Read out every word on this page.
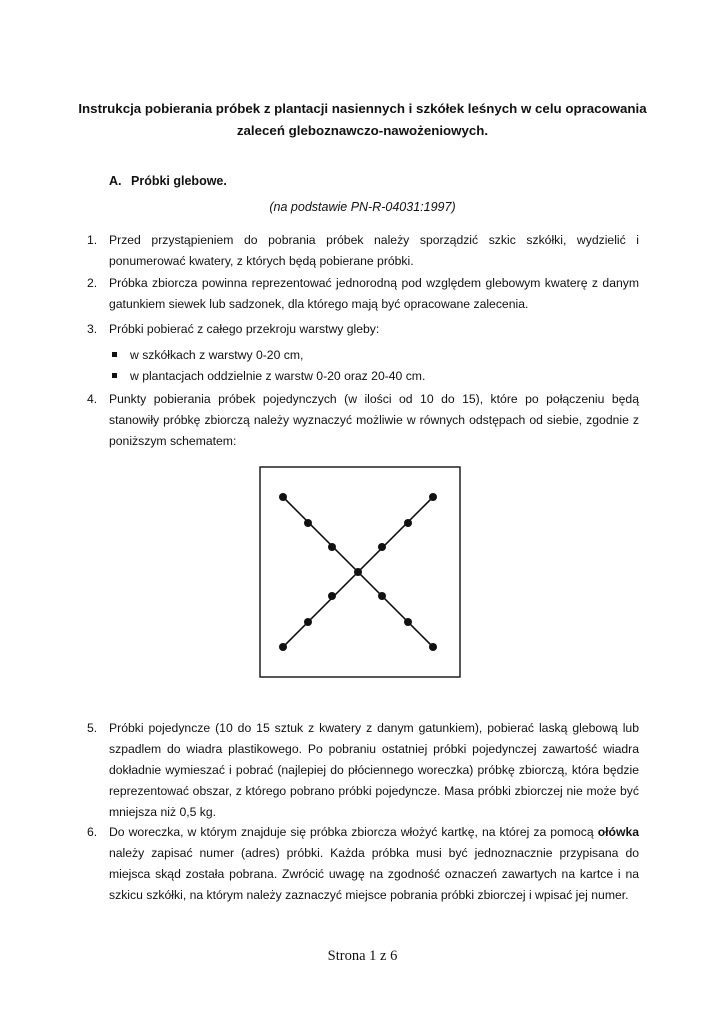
Instrukcja pobierania próbek z plantacji nasiennych i szkółek leśnych w celu opracowania zaleceń gleboznawczo-nawożeniowych.
A. Próbki glebowe.
(na podstawie PN-R-04031:1997)
1. Przed przystąpieniem do pobrania próbek należy sporządzić szkic szkółki, wydzielić i ponumerować kwatery, z których będą pobierane próbki.
2. Próbka zbiorcza powinna reprezentować jednorodną pod względem glebowym kwaterę z danym gatunkiem siewek lub sadzonek, dla którego mają być opracowane zalecenia.
3. Próbki pobierać z całego przekroju warstwy gleby:
w szkółkach z warstwy 0-20 cm,
w plantacjach oddzielnie z warstw 0-20 oraz 20-40 cm.
4. Punkty pobierania próbek pojedynczych (w ilości od 10 do 15), które po połączeniu będą stanowiły próbkę zbiorczą należy wyznaczyć możliwie w równych odstępach od siebie, zgodnie z poniższym schematem:
5. Próbki pojedyncze (10 do 15 sztuk z kwatery z danym gatunkiem), pobierać laską glebową lub szpadlem do wiadra plastikowego. Po pobraniu ostatniej próbki pojedynczej zawartość wiadra dokładnie wymieszać i pobrać (najlepiej do płóciennego woreczka) próbkę zbiorczą, która będzie reprezentować obszar, z którego pobrano próbki pojedyncze. Masa próbki zbiorczej nie może być mniejsza niż 0,5 kg.
6. Do woreczka, w którym znajduje się próbka zbiorcza włożyć kartkę, na której za pomocą ołówka należy zapisać numer (adres) próbki. Każda próbka musi być jednoznacznie przypisana do miejsca skąd została pobrana. Zwrócić uwagę na zgodność oznaczeń zawartych na kartce i na szkicu szkółki, na którym należy zaznaczyć miejsce pobrania próbki zbiorczej i wpisać jej numer.
Strona 1 z 6
